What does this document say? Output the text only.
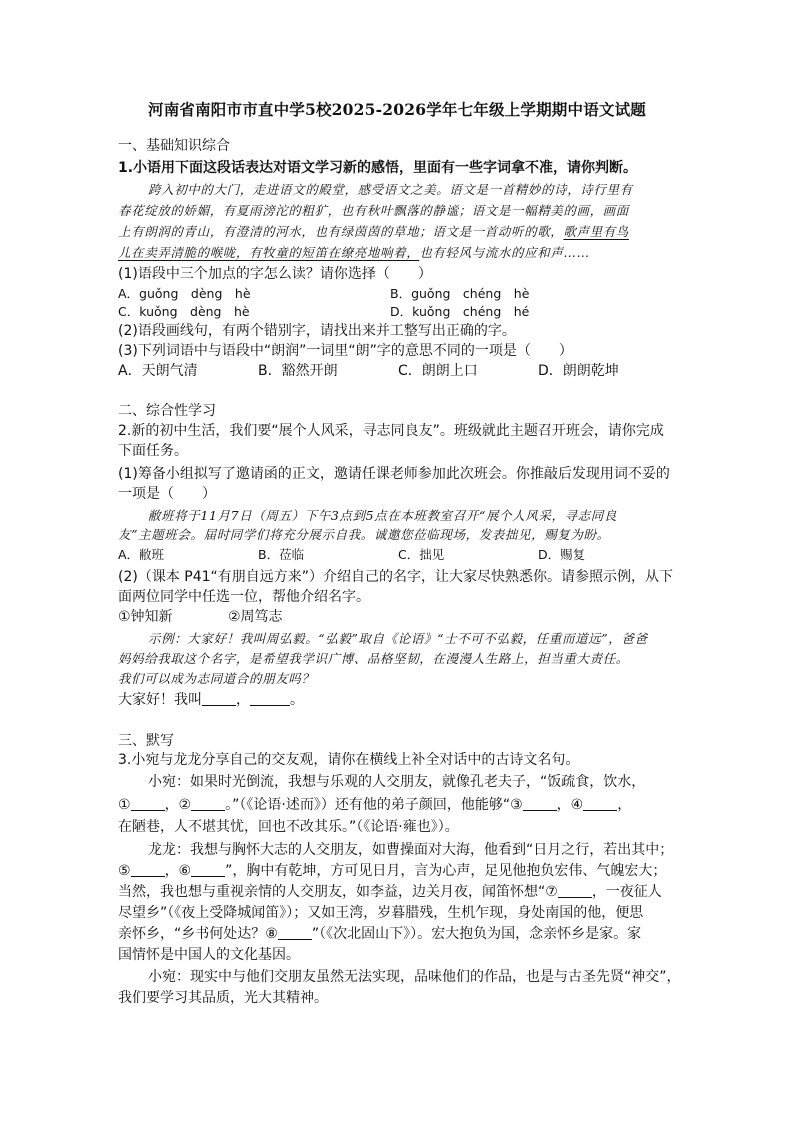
河南省南阳市市直中学5校2025-2026学年七年级上学期期中语文试题
一、基础知识综合
1.小语用下面这段话表达对语文学习新的感悟，里面有一些字词拿不准，请你判断。
跨入初中的大门，走进语文的殿堂，感受语文之美。语文是一首精妙的诗，诗行里有
春花绽放的娇媚，有夏雨滂沱的粗犷，也有秋叶飘落的静谧；语文是一幅精美的画，画面
上有朗润的青山，有澄清的河水，也有绿茵茵的草地；语文是一首动听的歌，歌声里有鸟
儿在卖弄清脆的喉咙，有牧童的短笛在缭亮地响着，也有轻风与流水的应和声……
(1)语段中三个加点的字怎么读？请你选择（　　）
A．guǒng　dèng　hè	B．guǒng　chéng　hè
C．kuǒng　dèng　hè	D．kuǒng　chéng　hé
(2)语段画线句，有两个错别字，请找出来并工整写出正确的字。
(3)下列词语中与语段中“朗润”一词里“朗”字的意思不同的一项是（　　）
A．天朗气清	B．豁然开朗	C．朗朗上口	D．朗朗乾坤
二、综合性学习
2.新的初中生活，我们要“展个人风采，寻志同良友”。班级就此主题召开班会，请你完成
下面任务。
(1)筹备小组拟写了邀请函的正文，邀请任课老师参加此次班会。你推敲后发现用词不妥的
一项是（　　）
敝班将于11月7日（周五）下午3点到5点在本班教室召开“展个人风采，寻志同良
友”主题班会。届时同学们将充分展示自我。诚邀您莅临现场，发表拙见，赐复为盼。
A．敝班	B．莅临	C．拙见	D．赐复
(2)（课本 P41“有朋自远方来”）介绍自己的名字，让大家尽快熟悉你。请参照示例，从下
面两位同学中任选一位，帮他介绍名字。
①钟知新	②周笃志
示例：大家好！我叫周弘毅。“弘毅”取自《论语》“士不可不弘毅，任重而道远”，爸爸
妈妈给我取这个名字，是希望我学识广博、品格坚韧，在漫漫人生路上，担当重大责任。
我们可以成为志同道合的朋友吗？
大家好！我叫 ，	。
三、默写
3.小宛与龙龙分享自己的交友观，请你在横线上补全对话中的古诗文名句。
小宛：如果时光倒流，我想与乐观的人交朋友，就像孔老夫子，“饭疏食，饮水，
① ，② 。”（《论语·述而》）还有他的弟子颜回，他能够“③ ，④ ，
在陋巷，人不堪其忧，回也不改其乐。”（《论语·雍也》）。
龙龙：我想与胸怀大志的人交朋友，如曹操面对大海，他看到“日月之行，若出其中；
⑤ ，⑥ ”，胸中有乾坤，方可见日月，言为心声，足见他抱负宏伟、气魄宏大；
当然，我也想与重视亲情的人交朋友，如李益，边关月夜，闻笛怀想“⑦ ，一夜征人
尽望乡”（《夜上受降城闻笛》）；又如王湾，岁暮腊残，生机乍现，身处南国的他，便思
亲怀乡，“乡书何处达？⑧ ”（《次北固山下》）。宏大抱负为国，念亲怀乡是家。家
国情怀是中国人的文化基因。
小宛：现实中与他们交朋友虽然无法实现，品味他们的作品，也是与古圣先贤“神交”，
我们要学习其品质，光大其精神。
